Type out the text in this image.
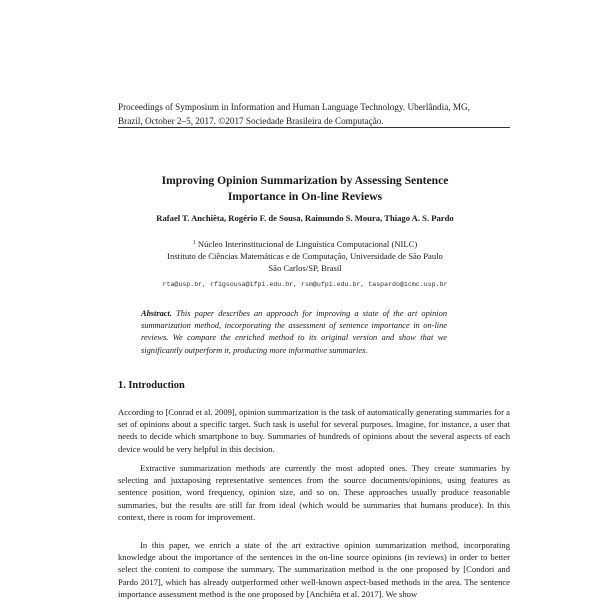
Proceedings of Symposium in Information and Human Language Technology. Uberlândia, MG,
Brazil, October 2–5, 2017. ©2017 Sociedade Brasileira de Computação.
Improving Opinion Summarization by Assessing Sentence
Importance in On-line Reviews
Rafael T. Anchiêta, Rogério F. de Sousa, Raimundo S. Moura, Thiago A. S. Pardo
$^1$ Núcleo Interinstitucional de Linguística Computacional (NILC)
Instituto de Ciências Matemáticas e de Computação, Universidade de São Paulo
São Carlos/SP, Brasil
rta@usp.br, rfigsousa@ifpi.edu.br, rsm@ufpi.edu.br, taspardo@icmc.usp.br
Abstract. This paper describes an approach for improving a state of the art opinion summarization method, incorporating the assessment of sentence importance in on-line reviews. We compare the enriched method to its original version and show that we significantly outperform it, producing more informative summaries.
1. Introduction
According to [Conrad et al. 2009], opinion summarization is the task of automatically generating summaries for a set of opinions about a specific target. Such task is useful for several purposes. Imagine, for instance, a user that needs to decide which smartphone to buy. Summaries of hundreds of opinions about the several aspects of each device would be very helpful in this decision.
Extractive summarization methods are currently the most adopted ones. They create summaries by selecting and juxtaposing representative sentences from the source documents/opinions, using features as sentence position, word frequency, opinion size, and so on. These approaches usually produce reasonable summaries, but the results are still far from ideal (which would be summaries that humans produce). In this context, there is room for improvement.
In this paper, we enrich a state of the art extractive opinion summarization method, incorporating knowledge about the importance of the sentences in the on-line source opinions (in reviews) in order to better select the content to compose the summary. The summarization method is the one proposed by [Condori and Pardo 2017], which has already outperformed other well-known aspect-based methods in the area. The sentence importance assessment method is the one proposed by [Anchiêta et al. 2017]. We show
